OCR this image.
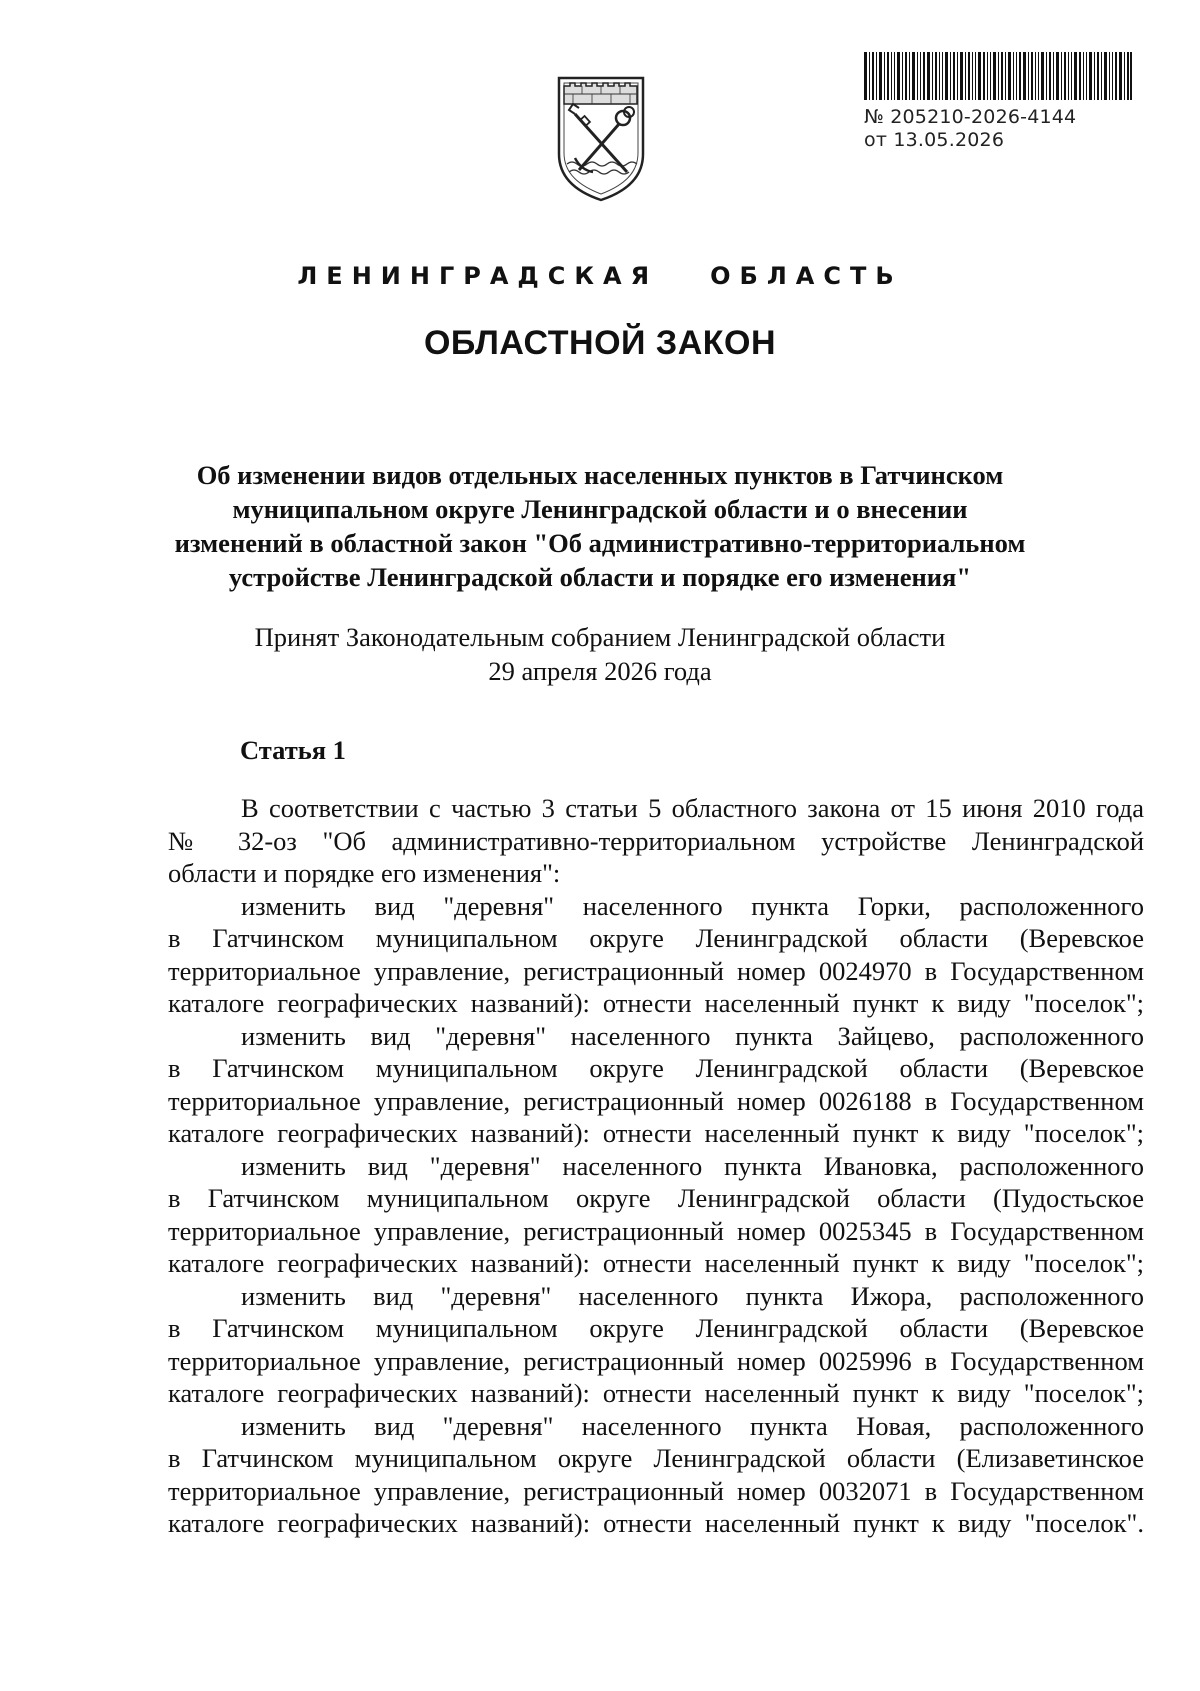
№ 205210-2026-4144
от 13.05.2026
ЛЕНИНГРАДСКАЯ   ОБЛАСТЬ
ОБЛАСТНОЙ ЗАКОН
Об изменении видов отдельных населенных пунктов в Гатчинском
муниципальном округе Ленинградской области и о внесении
изменений в областной закон "Об административно-территориальном
устройстве Ленинградской области и порядке его изменения"
Принят Законодательным собранием Ленинградской области
29 апреля 2026 года
Статья 1
В соответствии с частью 3 статьи 5 областного закона от 15 июня 2010 года
№ 32-оз "Об административно-территориальном устройстве Ленинградской
области и порядке его изменения":
изменить вид "деревня" населенного пункта Горки, расположенного
в Гатчинском муниципальном округе Ленинградской области (Веревское
территориальное управление, регистрационный номер 0024970 в Государственном
каталоге географических названий): отнести населенный пункт к виду "поселок";
изменить вид "деревня" населенного пункта Зайцево, расположенного
в Гатчинском муниципальном округе Ленинградской области (Веревское
территориальное управление, регистрационный номер 0026188 в Государственном
каталоге географических названий): отнести населенный пункт к виду "поселок";
изменить вид "деревня" населенного пункта Ивановка, расположенного
в Гатчинском муниципальном округе Ленинградской области (Пудостьское
территориальное управление, регистрационный номер 0025345 в Государственном
каталоге географических названий): отнести населенный пункт к виду "поселок";
изменить вид "деревня" населенного пункта Ижора, расположенного
в Гатчинском муниципальном округе Ленинградской области (Веревское
территориальное управление, регистрационный номер 0025996 в Государственном
каталоге географических названий): отнести населенный пункт к виду "поселок";
изменить вид "деревня" населенного пункта Новая, расположенного
в Гатчинском муниципальном округе Ленинградской области (Елизаветинское
территориальное управление, регистрационный номер 0032071 в Государственном
каталоге географических названий): отнести населенный пункт к виду "поселок".
